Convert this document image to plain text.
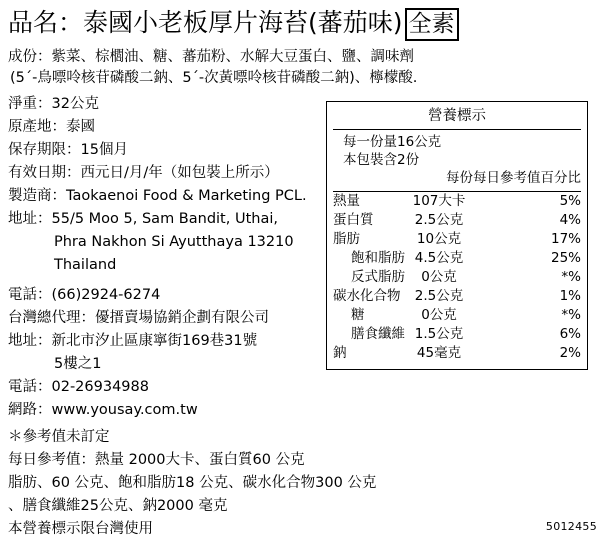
品名：泰國小老板厚片海苔(蕃茄味) 全素
成份：紫菜、棕櫚油、糖、蕃茄粉、水解大豆蛋白、鹽、調味劑
(5´-鳥嘌呤核苷磷酸二鈉、5´-次黃嘌呤核苷磷酸二鈉)、檸檬酸.
淨重：32公克
原產地：泰國
保存期限：15個月
有效日期：西元日/月/年（如包裝上所示）
製造商：Taokaenoi Food & Marketing PCL.
地址：55/5 Moo 5, Sam Bandit, Uthai,
Phra Nakhon Si Ayutthaya 13210
Thailand
電話：(66)2924-6274
台灣總代理：優搢賣場協銷企劃有限公司
地址：新北市汐止區康寧街169巷31號
5樓之1
電話：02-26934988
網路：www.yousay.com.tw
營養標示
每一份量16公克
本包裝含2份
	每份	每日參考值百分比

熱量	107大卡	5%
蛋白質	2.5公克	4%
脂肪	10公克	17%
飽和脂肪	4.5公克	25%
反式脂肪	0公克	*%
碳水化合物	2.5公克	1%
糖	0公克	*%
膳食纖維	1.5公克	6%
鈉	45毫克	2%
＊參考值未訂定
每日參考值：熱量 2000大卡、蛋白質60 公克
脂肪、60 公克、飽和脂肪18 公克、碳水化合物300 公克
、膳食纖維25公克、鈉2000 毫克
本營養標示限台灣使用	5012455
